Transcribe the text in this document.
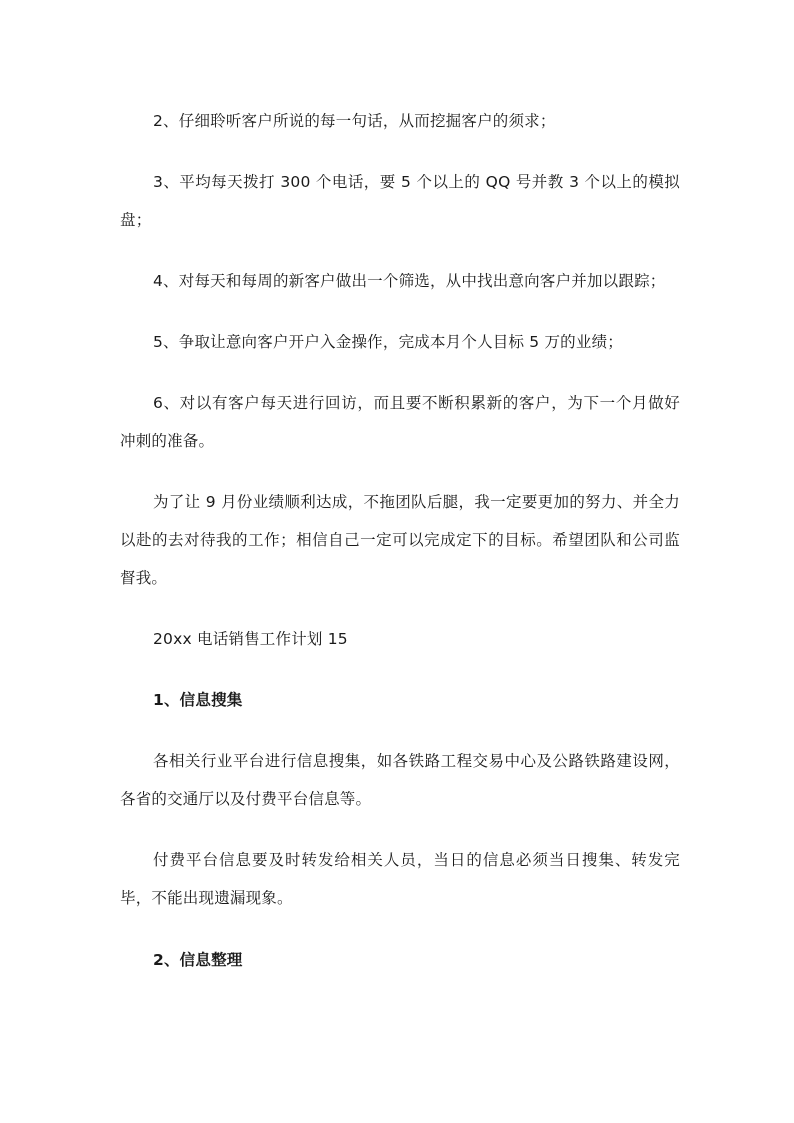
2、仔细聆听客户所说的每一句话，从而挖掘客户的须求；

3、平均每天拨打 300 个电话，要 5 个以上的 QQ 号并教 3 个以上的模拟盘；

4、对每天和每周的新客户做出一个筛选，从中找出意向客户并加以跟踪；

5、争取让意向客户开户入金操作，完成本月个人目标 5 万的业绩；

6、对以有客户每天进行回访，而且要不断积累新的客户，为下一个月做好冲刺的准备。

为了让 9 月份业绩顺利达成，不拖团队后腿，我一定要更加的努力、并全力以赴的去对待我的工作；相信自己一定可以完成定下的目标。希望团队和公司监督我。

20xx 电话销售工作计划 15

1、信息搜集

各相关行业平台进行信息搜集，如各铁路工程交易中心及公路铁路建设网，各省的交通厅以及付费平台信息等。

付费平台信息要及时转发给相关人员，当日的信息必须当日搜集、转发完毕，不能出现遗漏现象。

2、信息整理
